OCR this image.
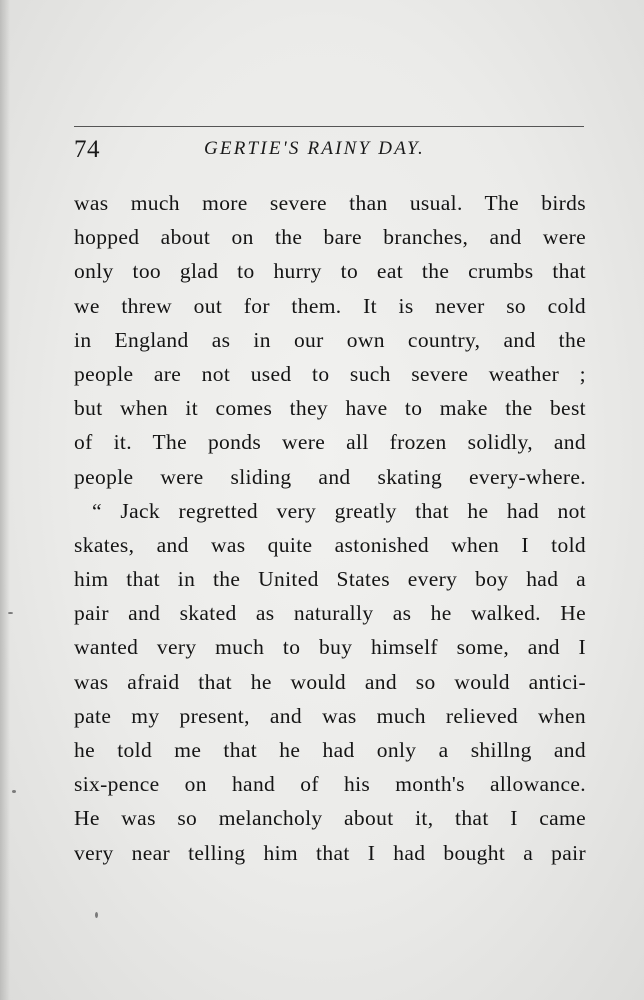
74	GERTIE'S RAINY DAY.
was much more severe than usual. The birds
hopped about on the bare branches, and were
only too glad to hurry to eat the crumbs that
we threw out for them. It is never so cold
in England as in our own country, and the
people are not used to such severe weather ;
but when it comes they have to make the best
of it. The ponds were all frozen solidly, and
people were sliding and skating every-where.
“ Jack regretted very greatly that he had not
skates, and was quite astonished when I told
him that in the United States every boy had a
pair and skated as naturally as he walked. He
wanted very much to buy himself some, and I
was afraid that he would and so would antici-
pate my present, and was much relieved when
he told me that he had only a shillng and
six-pence on hand of his month's allowance.
He was so melancholy about it, that I came
very near telling him that I had bought a pair
